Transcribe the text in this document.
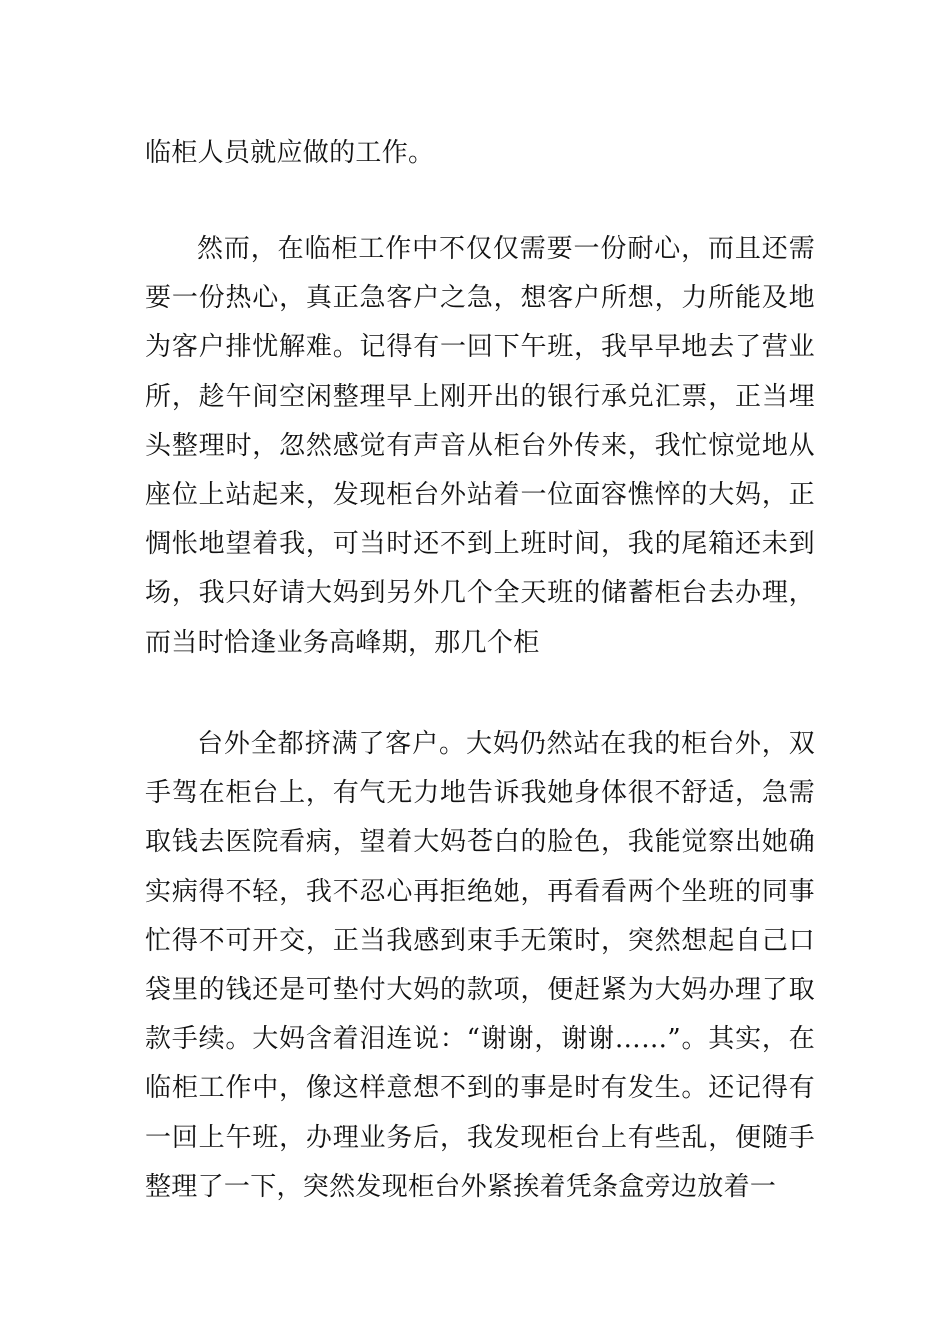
临柜人员就应做的工作。

然而，在临柜工作中不仅仅需要一份耐心，而且还需要一份热心，真正急客户之急，想客户所想，力所能及地为客户排忧解难。记得有一回下午班，我早早地去了营业所，趁午间空闲整理早上刚开出的银行承兑汇票，正当埋头整理时，忽然感觉有声音从柜台外传来，我忙惊觉地从座位上站起来，发现柜台外站着一位面容憔悴的大妈，正惆怅地望着我，可当时还不到上班时间，我的尾箱还未到场，我只好请大妈到另外几个全天班的储蓄柜台去办理，而当时恰逢业务高峰期，那几个柜

台外全都挤满了客户。大妈仍然站在我的柜台外，双手驾在柜台上，有气无力地告诉我她身体很不舒适，急需取钱去医院看病，望着大妈苍白的脸色，我能觉察出她确实病得不轻，我不忍心再拒绝她，再看看两个坐班的同事忙得不可开交，正当我感到束手无策时，突然想起自己口袋里的钱还是可垫付大妈的款项，便赶紧为大妈办理了取款手续。大妈含着泪连说：“谢谢，谢谢……”。其实，在临柜工作中，像这样意想不到的事是时有发生。还记得有一回上午班，办理业务后，我发现柜台上有些乱，便随手整理了一下，突然发现柜台外紧挨着凭条盒旁边放着一
